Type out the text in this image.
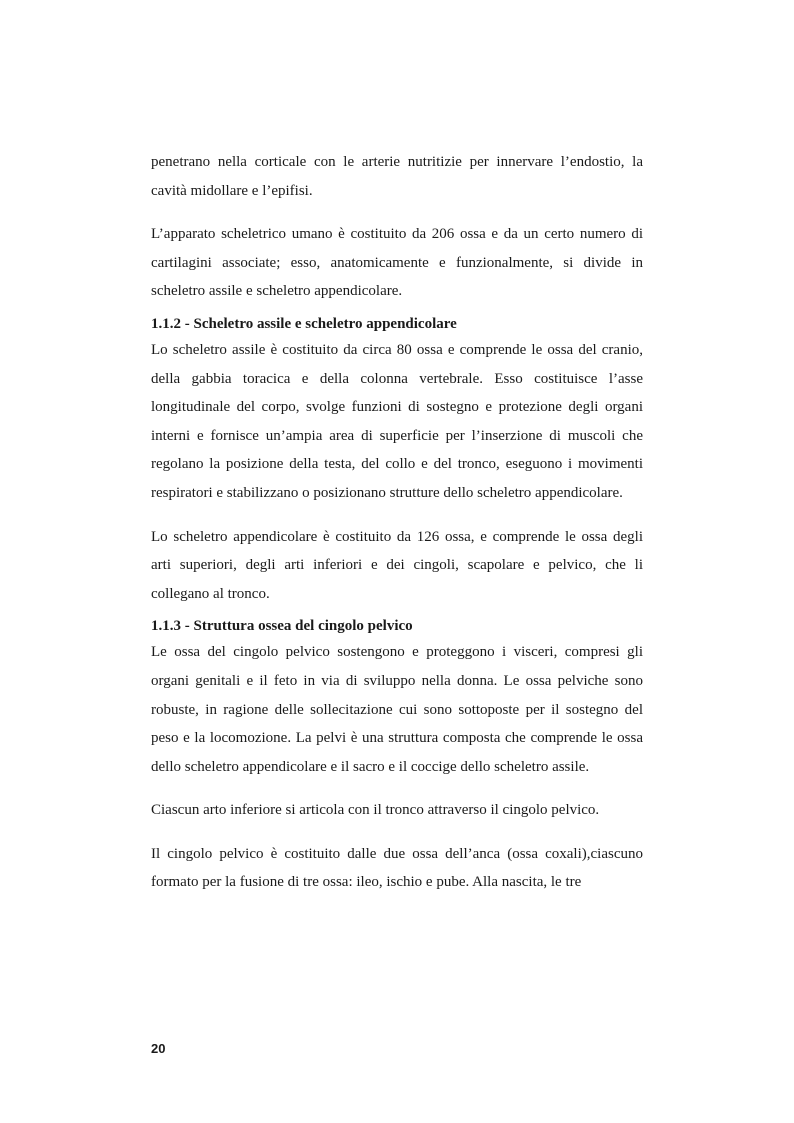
penetrano nella corticale con le arterie nutritizie per innervare l’endostio, la cavità midollare e l’epifisi.

L’apparato scheletrico umano è costituito da 206 ossa e da un certo numero di cartilagini associate; esso, anatomicamente e funzionalmente, si divide in scheletro assile e scheletro appendicolare.

1.1.2 - Scheletro assile e scheletro appendicolare

Lo scheletro assile è costituito da circa 80 ossa e comprende le ossa del cranio, della gabbia toracica e della colonna vertebrale. Esso costituisce l’asse longitudinale del corpo, svolge funzioni di sostegno e protezione degli organi interni e fornisce un’ampia area di superficie per l’inserzione di muscoli che regolano la posizione della testa, del collo e del tronco, eseguono i movimenti respiratori e stabilizzano o posizionano strutture dello scheletro appendicolare.

Lo scheletro appendicolare è costituito da 126 ossa, e comprende le ossa degli arti superiori, degli arti inferiori e dei cingoli, scapolare e pelvico, che li collegano al tronco.

1.1.3 - Struttura ossea del cingolo pelvico

Le ossa del cingolo pelvico sostengono e proteggono i visceri, compresi gli organi genitali e il feto in via di sviluppo nella donna. Le ossa pelviche sono robuste, in ragione delle sollecitazione cui sono sottoposte per il sostegno del peso e la locomozione. La pelvi è una struttura composta che comprende le ossa dello scheletro appendicolare e il sacro e il coccige dello scheletro assile.

Ciascun arto inferiore si articola con il tronco attraverso il cingolo pelvico.

Il cingolo pelvico è costituito dalle due ossa dell’anca (ossa coxali),ciascuno formato per la fusione di tre ossa: ileo, ischio e pube. Alla nascita, le tre

20
